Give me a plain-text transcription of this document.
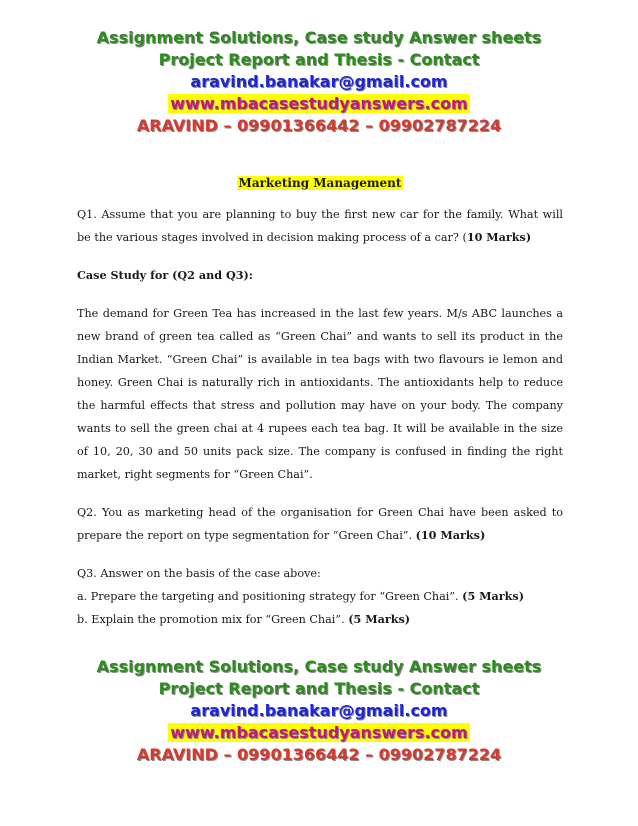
Assignment Solutions, Case study Answer sheets
Project Report and Thesis - Contact
aravind.banakar@gmail.com
www.mbacasestudyanswers.com
ARAVIND – 09901366442 – 09902787224
Marketing Management

Q1. Assume that you are planning to buy the first new car for the family. What will be the various stages involved in decision making process of a car? (10 Marks)

Case Study for (Q2 and Q3):

The demand for Green Tea has increased in the last few years. M/s ABC launches a new brand of green tea called as “Green Chai” and wants to sell its product in the Indian Market. “Green Chai” is available in tea bags with two flavours ie lemon and honey. Green Chai is naturally rich in antioxidants. The antioxidants help to reduce the harmful effects that stress and pollution may have on your body. The company wants to sell the green chai at 4 rupees each tea bag. It will be available in the size of 10, 20, 30 and 50 units pack size. The company is confused in finding the right market, right segments for “Green Chai”.

Q2. You as marketing head of the organisation for Green Chai have been asked to prepare the report on type segmentation for “Green Chai”. (10 Marks)

Q3. Answer on the basis of the case above:

a. Prepare the targeting and positioning strategy for “Green Chai”. (5 Marks)

b. Explain the promotion mix for “Green Chai”. (5 Marks)

Assignment Solutions, Case study Answer sheets
Project Report and Thesis - Contact
aravind.banakar@gmail.com
www.mbacasestudyanswers.com
ARAVIND – 09901366442 – 09902787224
